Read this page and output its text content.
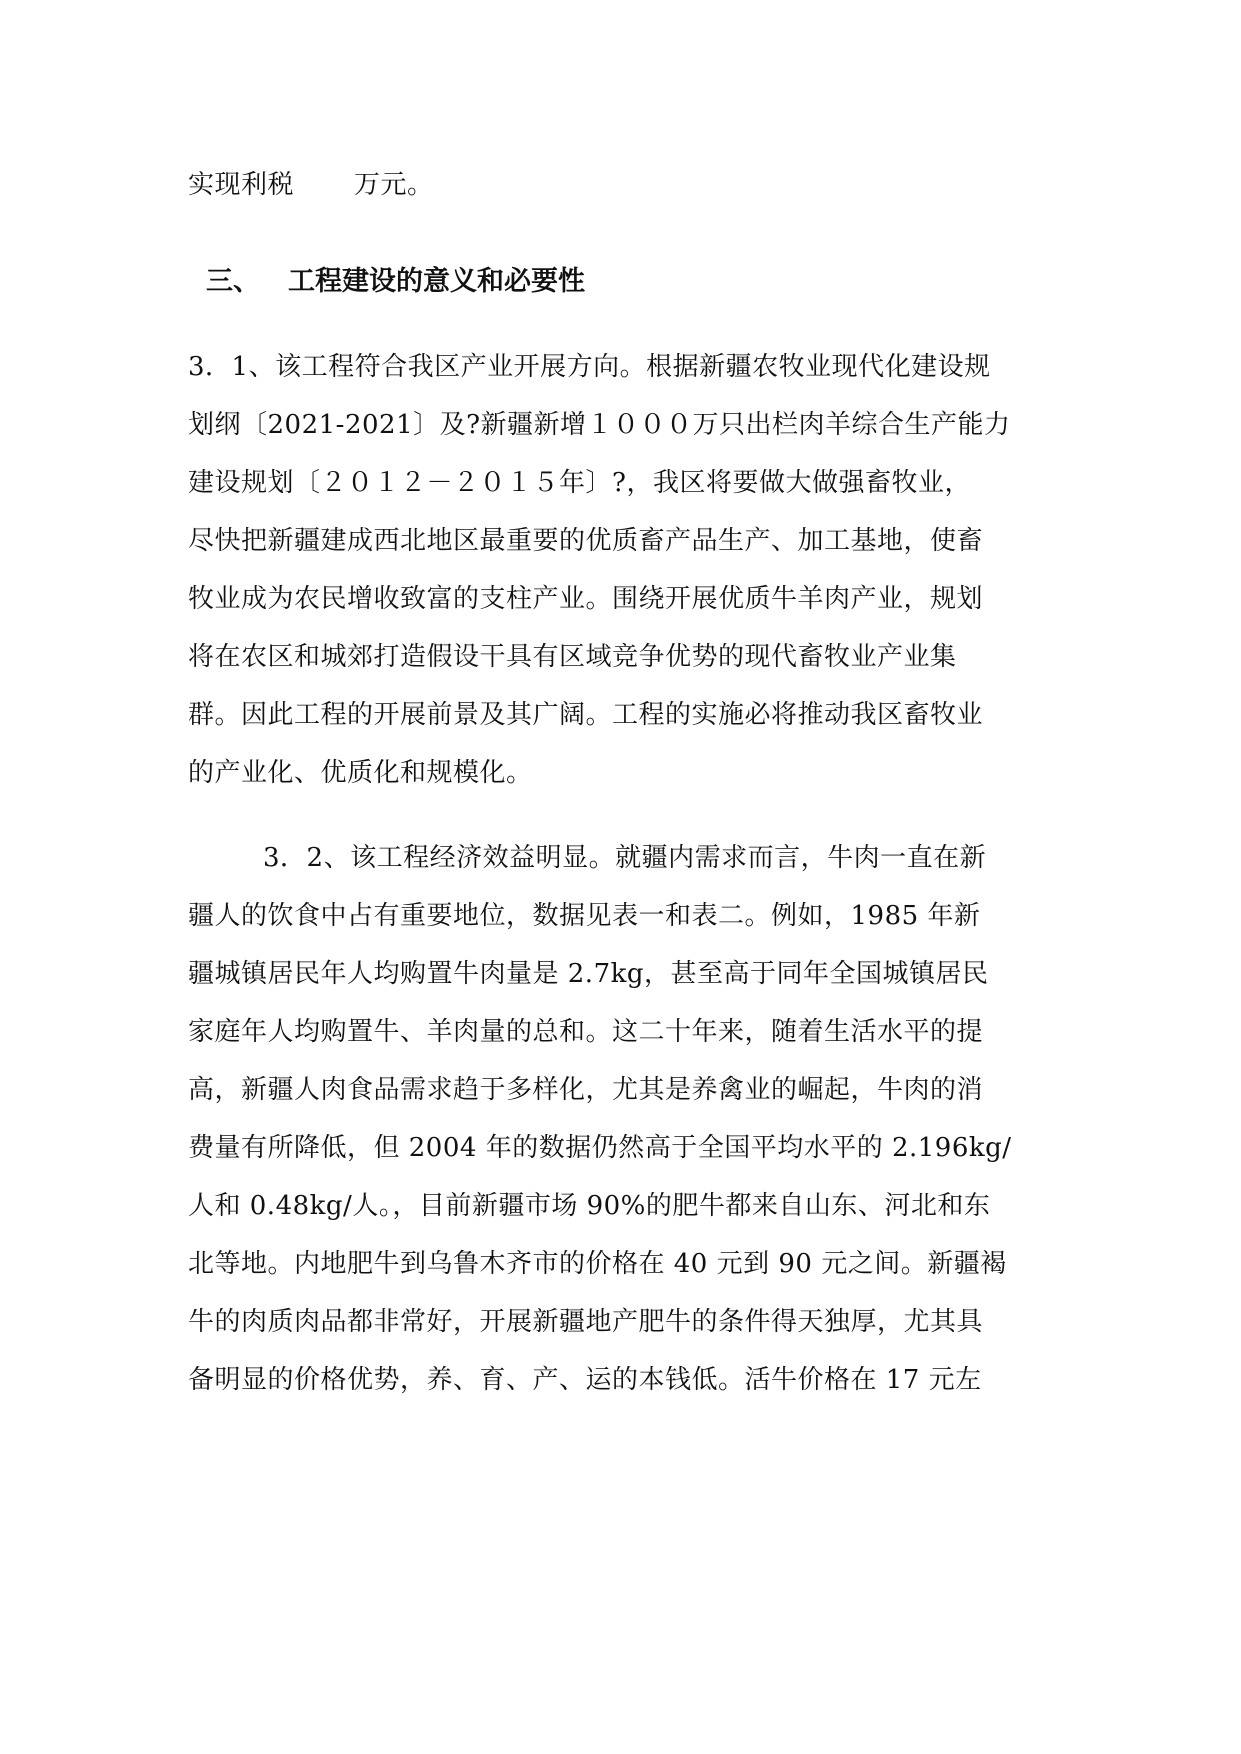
实现利税 万元。
三、 工程建设的意义和必要性
3．1、该工程符合我区产业开展方向。根据新疆农牧业现代化建设规
划纲〔2021-2021〕及?新疆新增１０００万只出栏肉羊综合生产能力
建设规划〔２０１２－２０１５年〕?，我区将要做大做强畜牧业，
尽快把新疆建成西北地区最重要的优质畜产品生产、加工基地，使畜
牧业成为农民增收致富的支柱产业。围绕开展优质牛羊肉产业，规划
将在农区和城郊打造假设干具有区域竞争优势的现代畜牧业产业集
群。因此工程的开展前景及其广阔。工程的实施必将推动我区畜牧业
的产业化、优质化和规模化。
3．2、该工程经济效益明显。就疆内需求而言，牛肉一直在新
疆人的饮食中占有重要地位，数据见表一和表二。例如，1985 年新
疆城镇居民年人均购置牛肉量是 2.7kg，甚至高于同年全国城镇居民
家庭年人均购置牛、羊肉量的总和。这二十年来，随着生活水平的提
高，新疆人肉食品需求趋于多样化，尤其是养禽业的崛起，牛肉的消
费量有所降低，但 2004 年的数据仍然高于全国平均水平的 2.196kg/
人和 0.48kg/人。，目前新疆市场 90%的肥牛都来自山东、河北和东
北等地。内地肥牛到乌鲁木齐市的价格在 40 元到 90 元之间。新疆褐
牛的肉质肉品都非常好，开展新疆地产肥牛的条件得天独厚，尤其具
备明显的价格优势，养、育、产、运的本钱低。活牛价格在 17 元左
